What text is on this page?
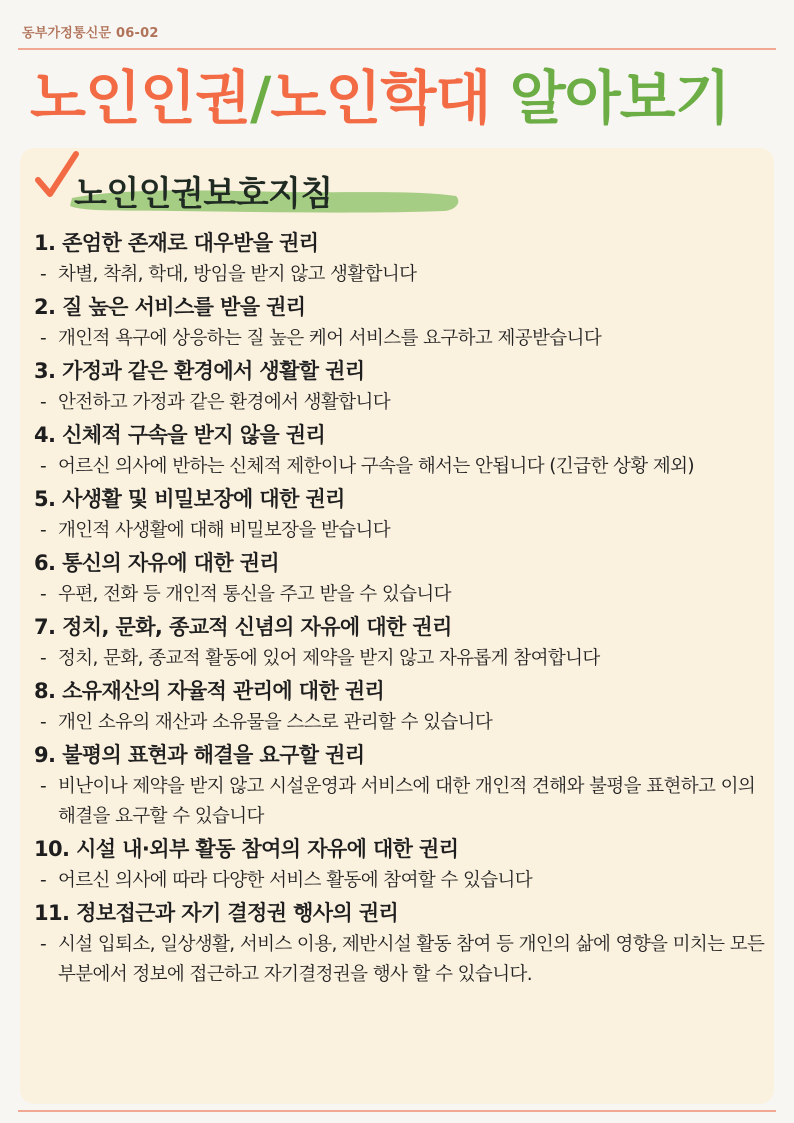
동부가정통신문 06-02
노인인권/노인학대 알아보기
노인인권보호지침
1. 존엄한 존재로 대우받을 권리
- 차별, 착취, 학대, 방임을 받지 않고 생활합니다
2. 질 높은 서비스를 받을 권리
- 개인적 욕구에 상응하는 질 높은 케어 서비스를 요구하고 제공받습니다
3. 가정과 같은 환경에서 생활할 권리
- 안전하고 가정과 같은 환경에서 생활합니다
4. 신체적 구속을 받지 않을 권리
- 어르신 의사에 반하는 신체적 제한이나 구속을 해서는 안됩니다 (긴급한 상황 제외)
5. 사생활 및 비밀보장에 대한 권리
- 개인적 사생활에 대해 비밀보장을 받습니다
6. 통신의 자유에 대한 권리
- 우편, 전화 등 개인적 통신을 주고 받을 수 있습니다
7. 정치, 문화, 종교적 신념의 자유에 대한 권리
- 정치, 문화, 종교적 활동에 있어 제약을 받지 않고 자유롭게 참여합니다
8. 소유재산의 자율적 관리에 대한 권리
- 개인 소유의 재산과 소유물을 스스로 관리할 수 있습니다
9. 불평의 표현과 해결을 요구할 권리
- 비난이나 제약을 받지 않고 시설운영과 서비스에 대한 개인적 견해와 불평을 표현하고 이의 해결을 요구할 수 있습니다
10. 시설 내·외부 활동 참여의 자유에 대한 권리
- 어르신 의사에 따라 다양한 서비스 활동에 참여할 수 있습니다
11. 정보접근과 자기 결정권 행사의 권리
- 시설 입퇴소, 일상생활, 서비스 이용, 제반시설 활동 참여 등 개인의 삶에 영향을 미치는 모든 부분에서 정보에 접근하고 자기결정권을 행사 할 수 있습니다.
